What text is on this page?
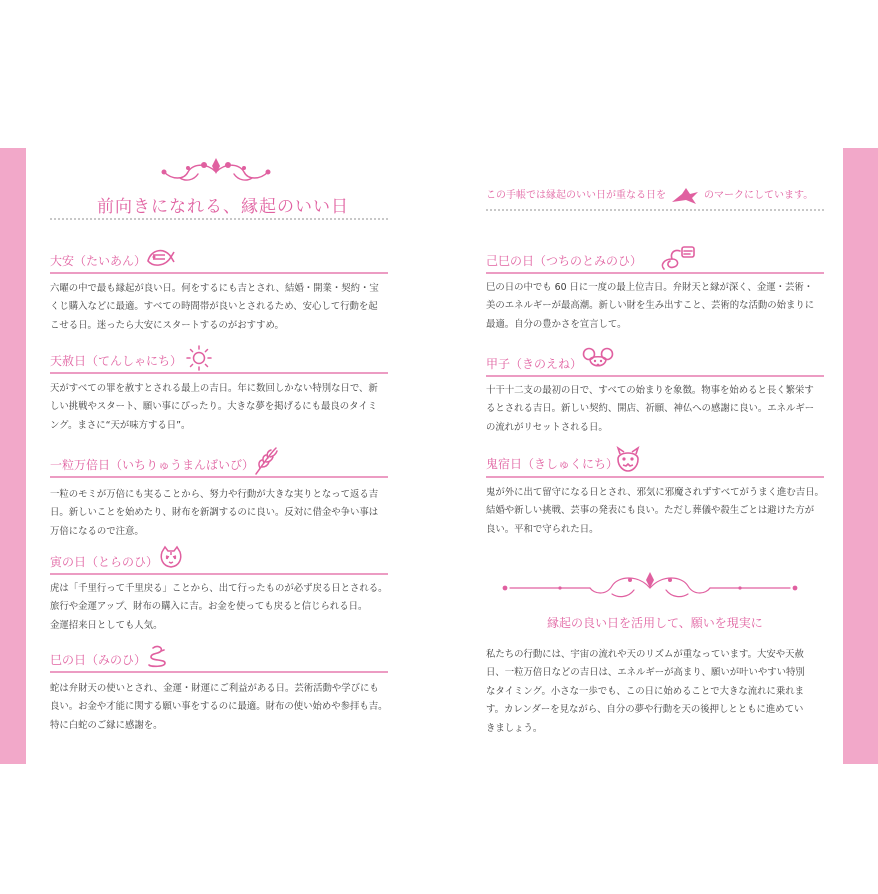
前向きになれる、縁起のいい日
大安（たいあん）
六曜の中で最も縁起が良い日。何をするにも吉とされ、結婚・開業・契約・宝
くじ購入などに最適。すべての時間帯が良いとされるため、安心して行動を起
こせる日。迷ったら大安にスタートするのがおすすめ。
天赦日（てんしゃにち）
天がすべての罪を赦すとされる最上の吉日。年に数回しかない特別な日で、新
しい挑戦やスタート、願い事にぴったり。大きな夢を掲げるにも最良のタイミ
ング。まさに“天が味方する日”。
一粒万倍日（いちりゅうまんばいび）
一粒のモミが万倍にも実ることから、努力や行動が大きな実りとなって返る吉
日。新しいことを始めたり、財布を新調するのに良い。反対に借金や争い事は
万倍になるので注意。
寅の日（とらのひ）
虎は「千里行って千里戻る」ことから、出て行ったものが必ず戻る日とされる。
旅行や金運アップ、財布の購入に吉。お金を使っても戻ると信じられる日。
金運招来日としても人気。
巳の日（みのひ）
蛇は弁財天の使いとされ、金運・財運にご利益がある日。芸術活動や学びにも
良い。お金や才能に関する願い事をするのに最適。財布の使い始めや参拝も吉。
特に白蛇のご縁に感謝を。
この手帳では縁起のいい日が重なる日を	のマークにしています。
己巳の日（つちのとみのひ）
巳の日の中でも 60 日に一度の最上位吉日。弁財天と縁が深く、金運・芸術・
美のエネルギーが最高潮。新しい財を生み出すこと、芸術的な活動の始まりに
最適。自分の豊かさを宣言して。
甲子（きのえね）
十干十二支の最初の日で、すべての始まりを象徴。物事を始めると長く繁栄す
るとされる吉日。新しい契約、開店、祈願、神仏への感謝に良い。エネルギー
の流れがリセットされる日。
鬼宿日（きしゅくにち）
鬼が外に出て留守になる日とされ、邪気に邪魔されずすべてがうまく進む吉日。
結婚や新しい挑戦、芸事の発表にも良い。ただし葬儀や殺生ごとは避けた方が
良い。平和で守られた日。
縁起の良い日を活用して、願いを現実に
私たちの行動には、宇宙の流れや天のリズムが重なっています。大安や天赦
日、一粒万倍日などの吉日は、エネルギーが高まり、願いが叶いやすい特別
なタイミング。小さな一歩でも、この日に始めることで大きな流れに乗れま
す。カレンダーを見ながら、自分の夢や行動を天の後押しとともに進めてい
きましょう。
